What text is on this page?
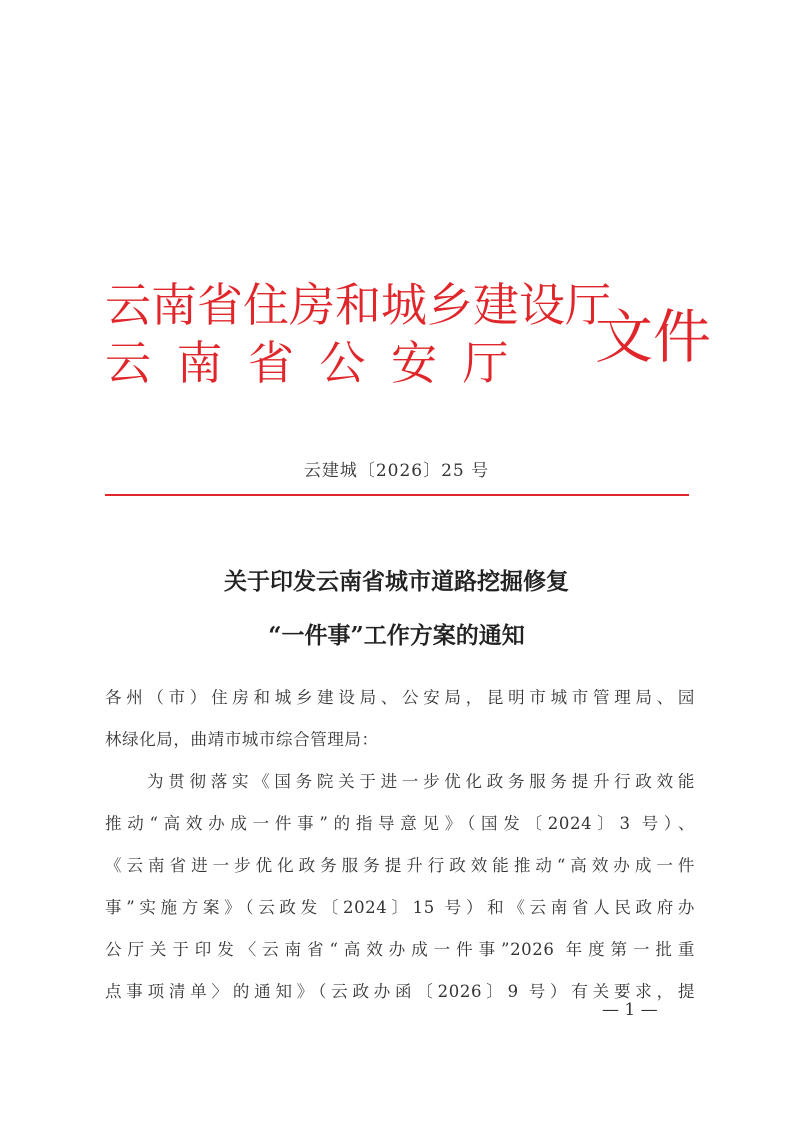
云南省住房和城乡建设厅
云南省公安厅 文件
云建城〔2026〕25 号
关于印发云南省城市道路挖掘修复
“一件事”工作方案的通知
各州（市）住房和城乡建设局、公安局，昆明市城市管理局、园
林绿化局，曲靖市城市综合管理局：
为贯彻落实《国务院关于进一步优化政务服务提升行政效能
推动“高效办成一件事”的指导意见》（国发〔2024〕3 号）、
《云南省进一步优化政务服务提升行政效能推动“高效办成一件
事”实施方案》（云政发〔2024〕15 号）和《云南省人民政府办
公厅关于印发〈云南省“高效办成一件事”2026 年度第一批重
点事项清单〉的通知》（云政办函〔2026〕9 号）有关要求，提
— 1 —
